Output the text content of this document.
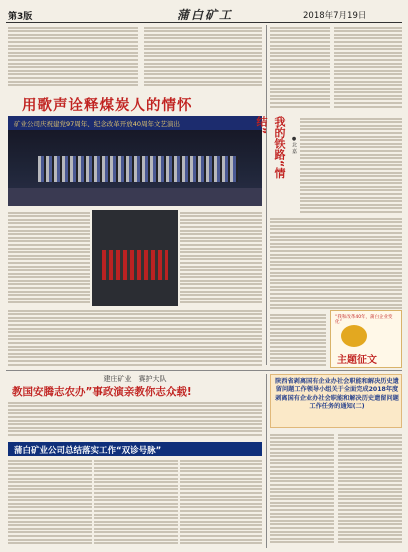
第3版	蒲白矿工	2018年7月19日
用歌声诠释煤炭人的情怀
矿业公司庆祝建党97周年、纪念改革开放40周年文艺演出	我的铁路“情结”
●北 嘉
“我和改革40年，蒲白企业变化”
主题征文
建庄矿业　赛护大队
教国安腾志农办”事政演亲教你志众载!
蒲白矿业公司总结落实工作“双诊号脉”
陕西省剥离国有企业办社会职能和解决历史遗留问题工作领导小组关于全面完成2018年度剥离国有企业办社会职能和解决历史遗留问题工作任务的通知(二)
